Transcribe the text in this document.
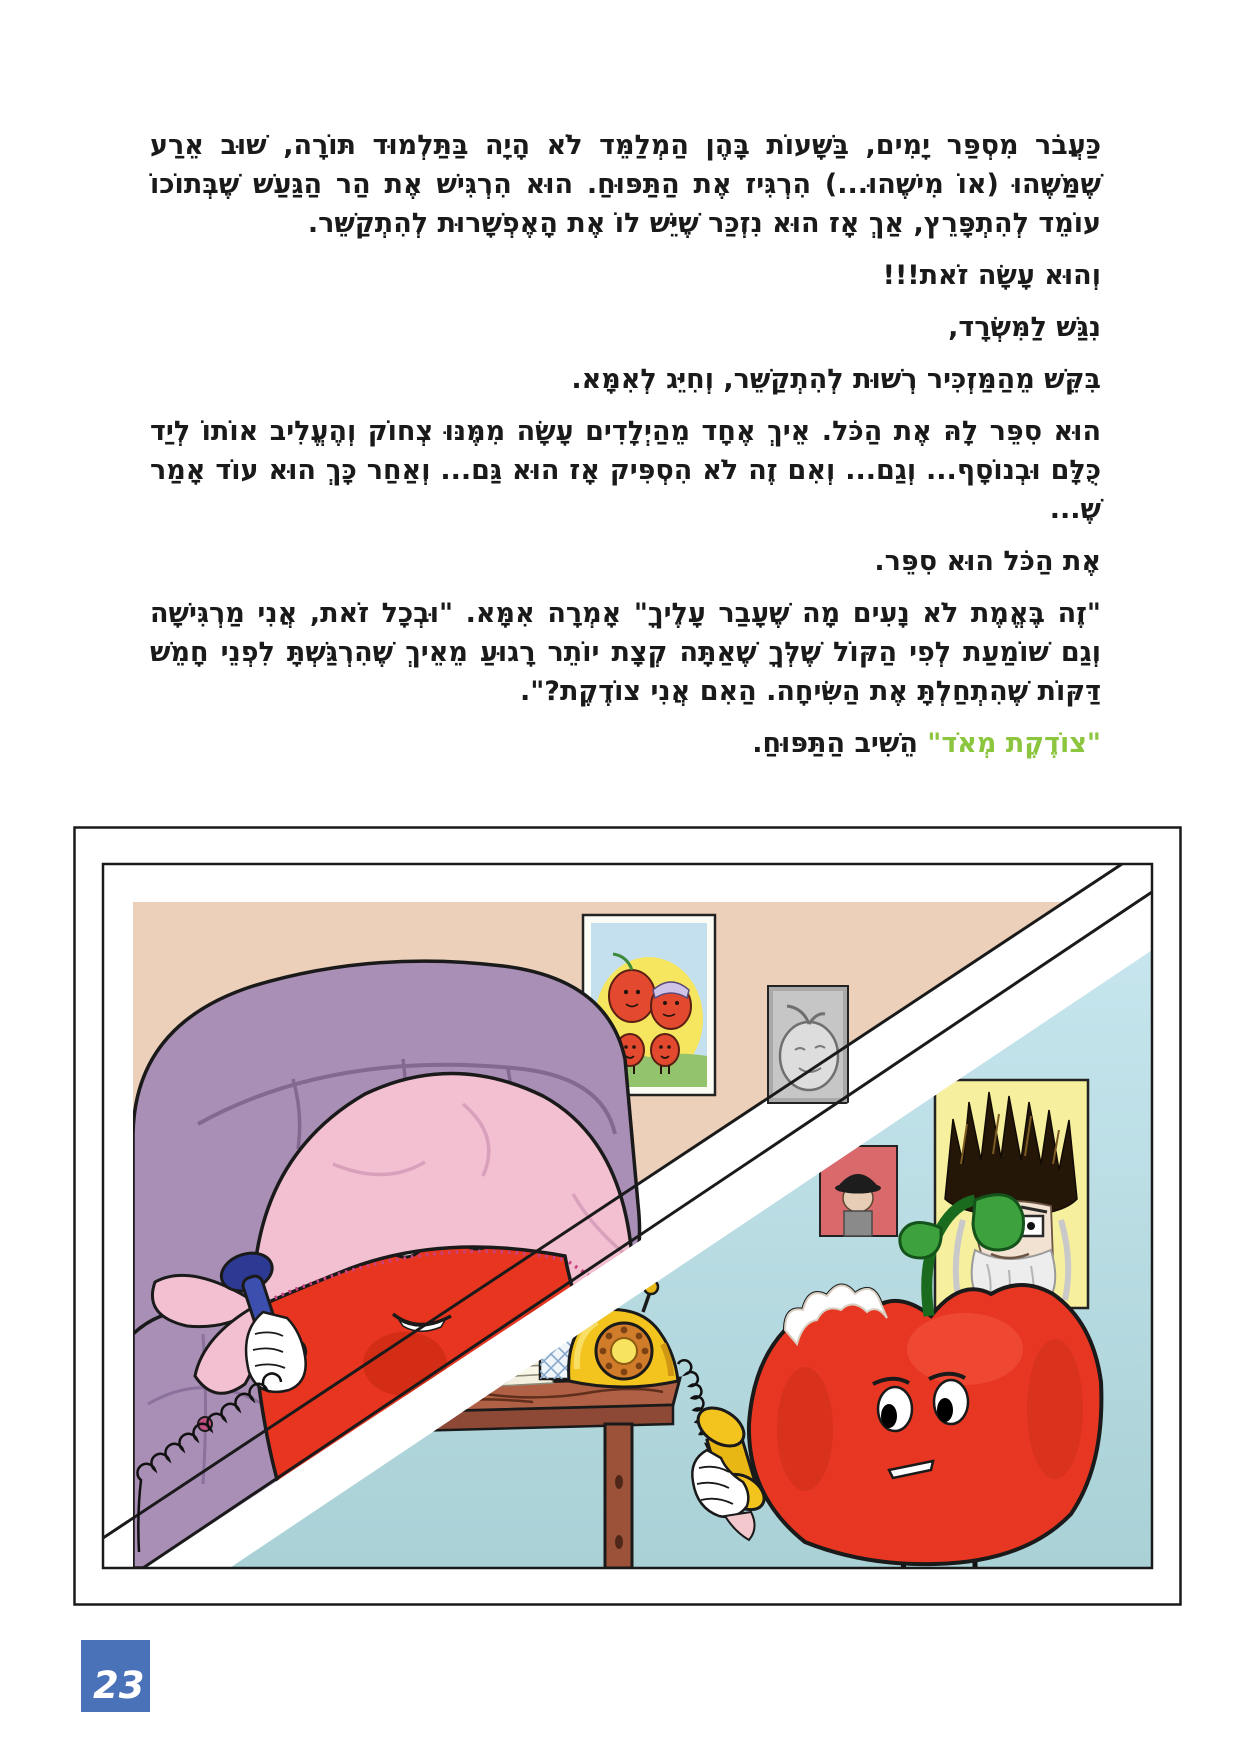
כַּעֲבֹר מִסְפַּר יָמִים, בַּשָּׁעוֹת בָּהֶן הַמְלַמֵּד לֹא הָיָה בַּתַּלְמוּד תּוֹרָה, שׁוּב אֵרַע שֶׁמַּשֶּׁהוּ (אוֹ מִישֶׁהוּ...) הִרְגִּיז אֶת הַתַּפּוּחַ. הוּא הִרְגִּישׁ אֶת הַר הַגַּעַשׁ שֶׁבְּתוֹכוֹ עוֹמֵד לְהִתְפָּרֵץ, אַךְ אָז הוּא נִזְכַּר שֶׁיֵּשׁ לוֹ אֶת הָאֶפְשָׁרוּת לְהִתְקַשֵּׁר.

וְהוּא עָשָׂה זֹאת!!!

נִגַּשׁ לַמִּשְׂרָד,

בִּקֵּשׁ מֵהַמַּזְכִּיר רְשׁוּת לְהִתְקַשֵּׁר, וְחִיֵּג לְאִמָּא.

הוּא סִפֵּר לָהּ אֶת הַכֹּל. אֵיךְ אֶחָד מֵהַיְלָדִים עָשָׂה מִמֶּנּוּ צְחוֹק וְהֶעֱלִיב אוֹתוֹ לְיַד כֻּלָּם וּבְנוֹסָף... וְגַם... וְאִם זֶה לֹא הִסְפִּיק אָז הוּא גַּם... וְאַחַר כָּךְ הוּא עוֹד אָמַר שֶׁ...

אֶת הַכֹּל הוּא סִפֵּר.

"זֶה בֶּאֱמֶת לֹא נָעִים מָה שֶׁעָבַר עָלֶיךָ" אָמְרָה אִמָּא. "וּבְכָל זֹאת, אֲנִי מַרְגִּישָׁה וְגַם שׁוֹמַעַת לְפִי הַקּוֹל שֶׁלְּךָ שֶׁאַתָּה קְצָת יוֹתֵר רָגוּעַ מֵאֵיךְ שֶׁהִרְגַּשְׁתָּ לִפְנֵי חָמֵשׁ דַּקּוֹת שֶׁהִתְחַלְתָּ אֶת הַשִּׂיחָה. הַאִם אֲנִי צוֹדֶקֶת?".

"צוֹדֶקֶת מְאֹד" הֵשִׁיב הַתַּפּוּחַ.

23
